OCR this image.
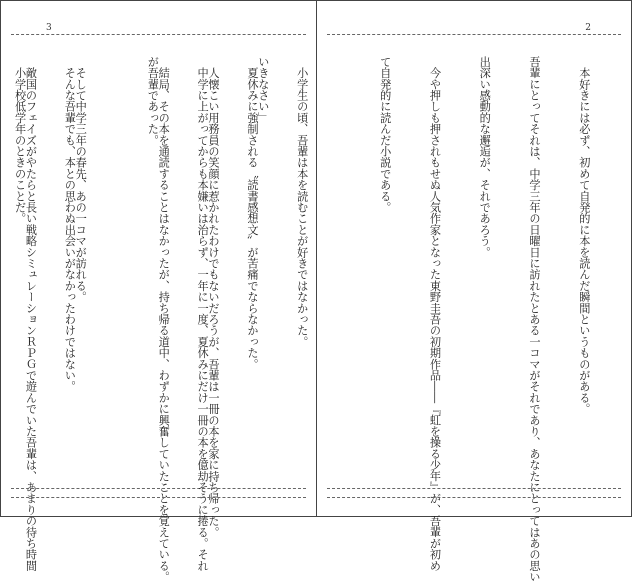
3

いきなさい」

　人懐こい用務員の笑顔に惹かれたわけでもないだろうが、吾輩は一冊の本を家に持ち帰った。

　結局、その本を通読することはなかったが、持ち帰る道中、わずかに興奮していたことを覚えている。

　そして中学三年の春先、あの一コマが訪れる。

　敵国のフェイズがやたらと長い戦略シミュレーションＲＰＧで遊んでいた吾輩は、あまりの待ち時間

2

　本好きには必ず、初めて自発的に本を読んだ瞬間というものがある。

吾輩にとってそれは、中学三年の日曜日に訪れたとある一コマがそれであり、あなたにとってはあの思い

出深い感動的な邂逅が、それであろう。

　今や押しも押されもせぬ人気作家となった東野圭吾の初期作品――『虹を操る少年』が、吾輩が初め

て自発的に読んだ小説である。

　小学生の頃、吾輩は本を読むことが好きではなかった。

　夏休みに強制される〝読書感想文〟が苦痛でならなかった。

　中学に上がってからも本嫌いは治らず、一年に一度、夏休みにだけ一冊の本を億劫そうに捲る。それ

が吾輩であった。

　そんな吾輩でも、本との思わぬ出会いがなかったわけではない。

　小学校低学年のときのことだ。
